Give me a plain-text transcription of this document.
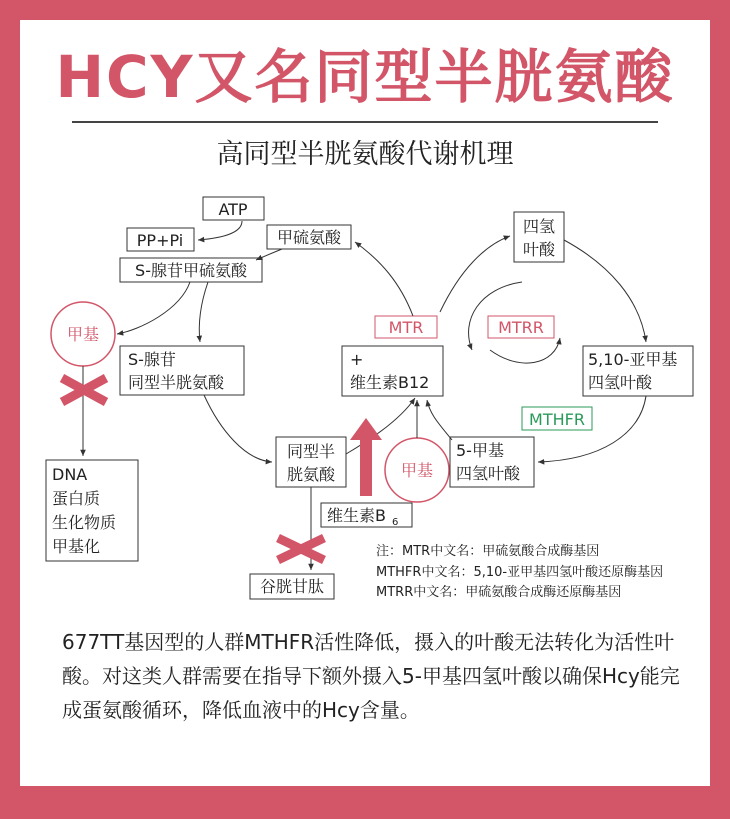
HCY又名同型半胱氨酸
高同型半胱氨酸代谢机理
ATP
PP+Pi	甲硫氨酸
S-腺苷甲硫氨酸
甲基
S-腺苷
同型半胱氨酸
DNA
蛋白质
生化物质
甲基化
同型半
胱氨酸
谷胱甘肽
维生素B 6
MTR
+
维生素B12
甲基
四氢
叶酸
MTRR
5,10-亚甲基
四氢叶酸
MTHFR
5-甲基
四氢叶酸
注：MTR中文名：甲硫氨酸合成酶基因
MTHFR中文名：5,10-亚甲基四氢叶酸还原酶基因
MTRR中文名：甲硫氨酸合成酶还原酶基因
677TT基因型的人群MTHFR活性降低，摄入的叶酸无法转化为活性叶酸。对这类人群需要在指导下额外摄入5-甲基四氢叶酸以确保Hcy能完成蛋氨酸循环，降低血液中的Hcy含量。
